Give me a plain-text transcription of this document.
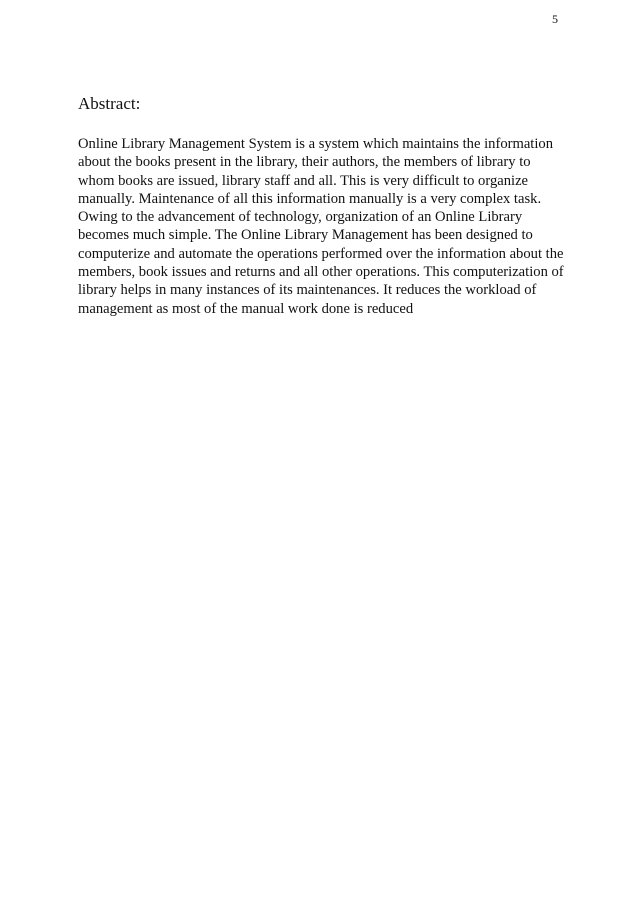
5
Abstract:

Online Library Management System is a system which maintains the information
about the books present in the library, their authors, the members of library to
whom books are issued, library staff and all. This is very difficult to organize
manually. Maintenance of all this information manually is a very complex task.
Owing to the advancement of technology, organization of an Online Library
becomes much simple. The Online Library Management has been designed to
computerize and automate the operations performed over the information about the
members, book issues and returns and all other operations. This computerization of
library helps in many instances of its maintenances. It reduces the workload of
management as most of the manual work done is reduced
